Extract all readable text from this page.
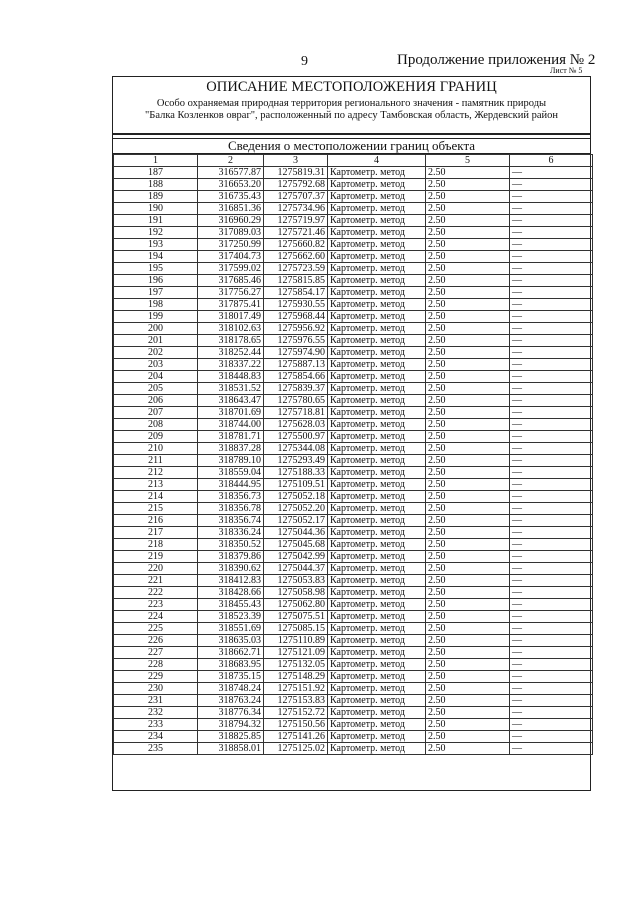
9	Продолжение приложения № 2
Лист № 5
ОПИСАНИЕ МЕСТОПОЛОЖЕНИЯ ГРАНИЦ
Особо охраняемая природная территория регионального значения - памятник природы
"Балка Козленков овраг", расположенный по адресу Тамбовская область, Жердевский район
Сведения о местоположении границ объекта
1	2	3	4	5	6
187	316577.87	1275819.31	Картометр. метод	2.50	—
188	316653.20	1275792.68	Картометр. метод	2.50	—
189	316735.43	1275707.37	Картометр. метод	2.50	—
190	316851.36	1275734.96	Картометр. метод	2.50	—
191	316960.29	1275719.97	Картометр. метод	2.50	—
192	317089.03	1275721.46	Картометр. метод	2.50	—
193	317250.99	1275660.82	Картометр. метод	2.50	—
194	317404.73	1275662.60	Картометр. метод	2.50	—
195	317599.02	1275723.59	Картометр. метод	2.50	—
196	317685.46	1275815.85	Картометр. метод	2.50	—
197	317756.27	1275854.17	Картометр. метод	2.50	—
198	317875.41	1275930.55	Картометр. метод	2.50	—
199	318017.49	1275968.44	Картометр. метод	2.50	—
200	318102.63	1275956.92	Картометр. метод	2.50	—
201	318178.65	1275976.55	Картометр. метод	2.50	—
202	318252.44	1275974.90	Картометр. метод	2.50	—
203	318337.22	1275887.13	Картометр. метод	2.50	—
204	318448.83	1275854.66	Картометр. метод	2.50	—
205	318531.52	1275839.37	Картометр. метод	2.50	—
206	318643.47	1275780.65	Картометр. метод	2.50	—
207	318701.69	1275718.81	Картометр. метод	2.50	—
208	318744.00	1275628.03	Картометр. метод	2.50	—
209	318781.71	1275500.97	Картометр. метод	2.50	—
210	318837.28	1275344.08	Картометр. метод	2.50	—
211	318789.10	1275293.49	Картометр. метод	2.50	—
212	318559.04	1275188.33	Картометр. метод	2.50	—
213	318444.95	1275109.51	Картометр. метод	2.50	—
214	318356.73	1275052.18	Картометр. метод	2.50	—
215	318356.78	1275052.20	Картометр. метод	2.50	—
216	318356.74	1275052.17	Картометр. метод	2.50	—
217	318336.24	1275044.36	Картометр. метод	2.50	—
218	318350.52	1275045.68	Картометр. метод	2.50	—
219	318379.86	1275042.99	Картометр. метод	2.50	—
220	318390.62	1275044.37	Картометр. метод	2.50	—
221	318412.83	1275053.83	Картометр. метод	2.50	—
222	318428.66	1275058.98	Картометр. метод	2.50	—
223	318455.43	1275062.80	Картометр. метод	2.50	—
224	318523.39	1275075.51	Картометр. метод	2.50	—
225	318551.69	1275085.15	Картометр. метод	2.50	—
226	318635.03	1275110.89	Картометр. метод	2.50	—
227	318662.71	1275121.09	Картометр. метод	2.50	—
228	318683.95	1275132.05	Картометр. метод	2.50	—
229	318735.15	1275148.29	Картометр. метод	2.50	—
230	318748.24	1275151.92	Картометр. метод	2.50	—
231	318763.24	1275153.83	Картометр. метод	2.50	—
232	318776.34	1275152.72	Картометр. метод	2.50	—
233	318794.32	1275150.56	Картометр. метод	2.50	—
234	318825.85	1275141.26	Картометр. метод	2.50	—
235	318858.01	1275125.02	Картометр. метод	2.50	—
